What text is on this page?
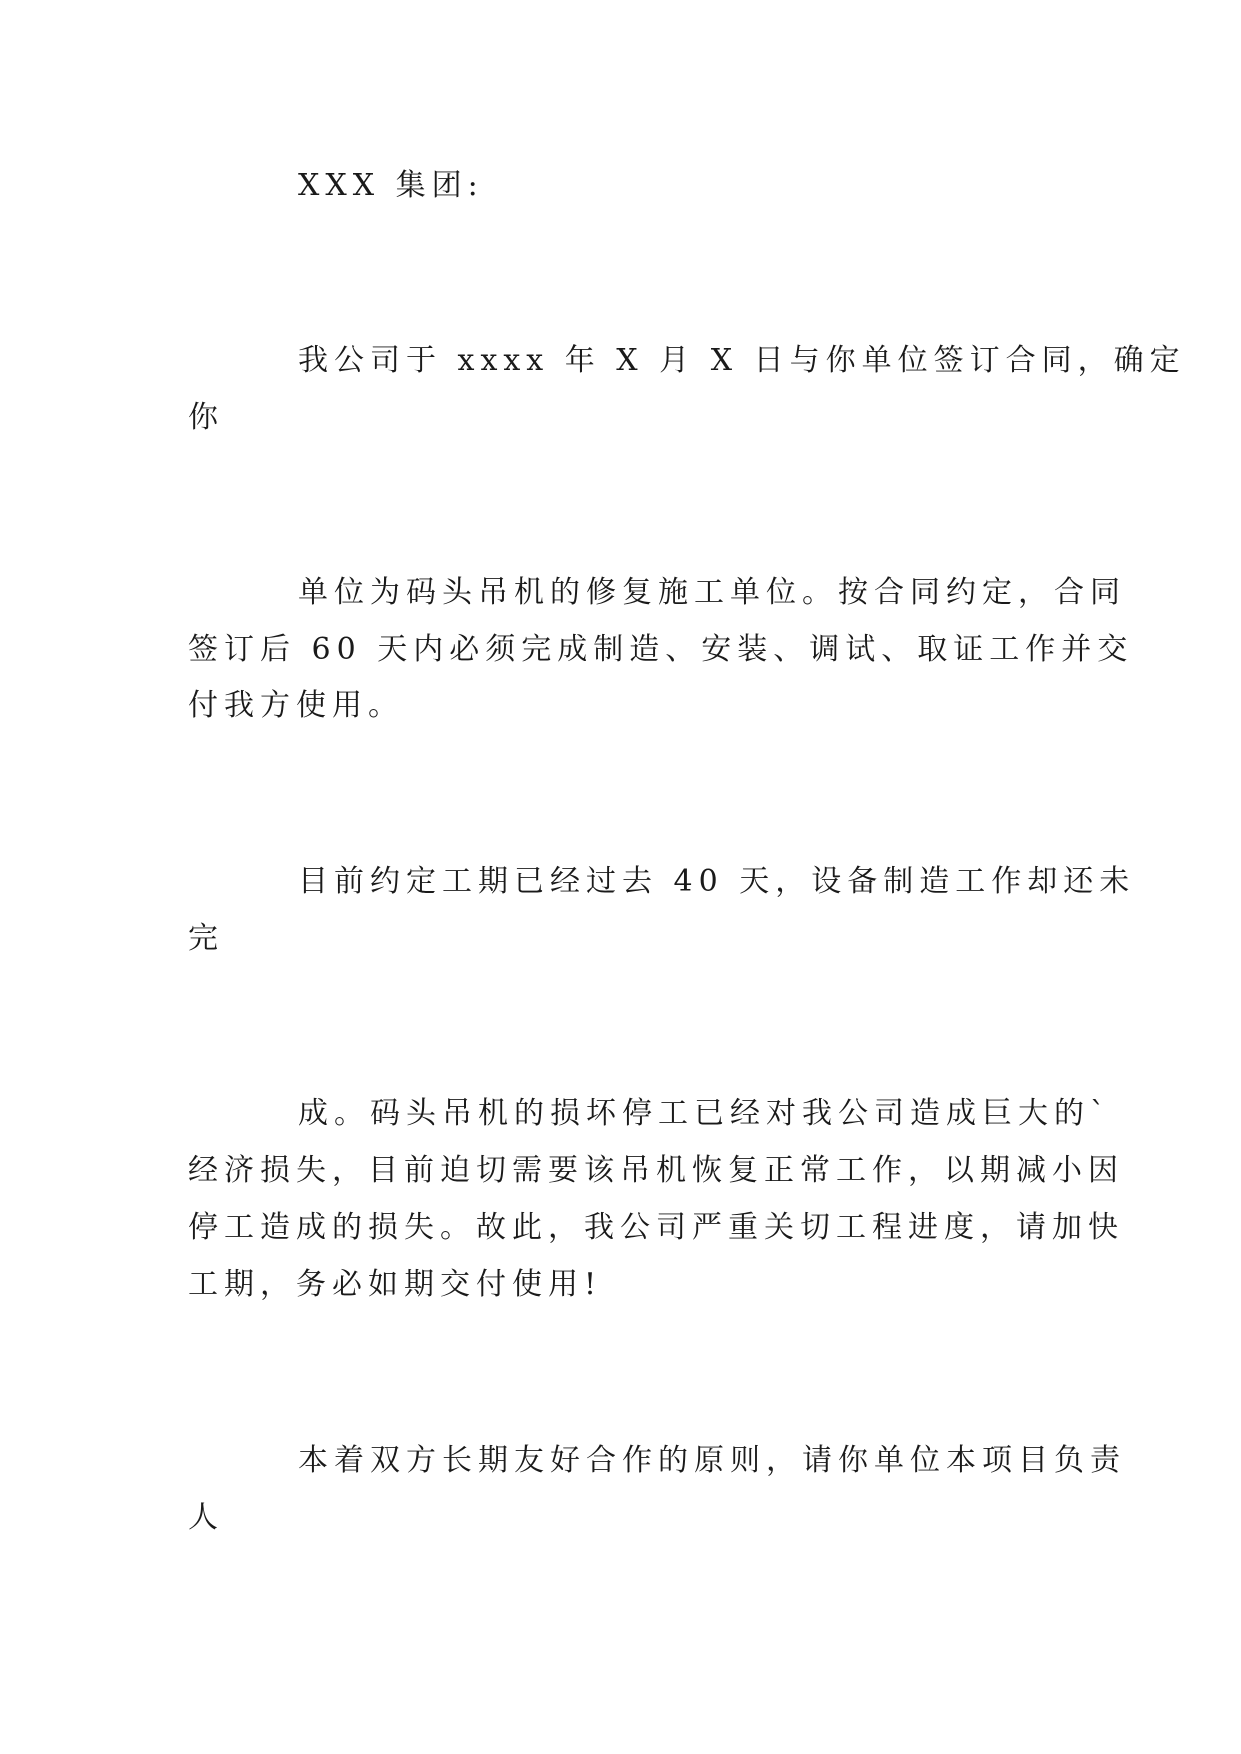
XXX 集团:
我公司于 xxxx 年 X 月 X 日与你单位签订合同，确定
你
单位为码头吊机的修复施工单位。按合同约定，合同
签订后 60 天内必须完成制造、安装、调试、取证工作并交
付我方使用。
目前约定工期已经过去 40 天，设备制造工作却还未
完
成。码头吊机的损坏停工已经对我公司造成巨大的`
经济损失，目前迫切需要该吊机恢复正常工作，以期减小因
停工造成的损失。故此，我公司严重关切工程进度，请加快
工期，务必如期交付使用!
本着双方长期友好合作的原则，请你单位本项目负责
人
